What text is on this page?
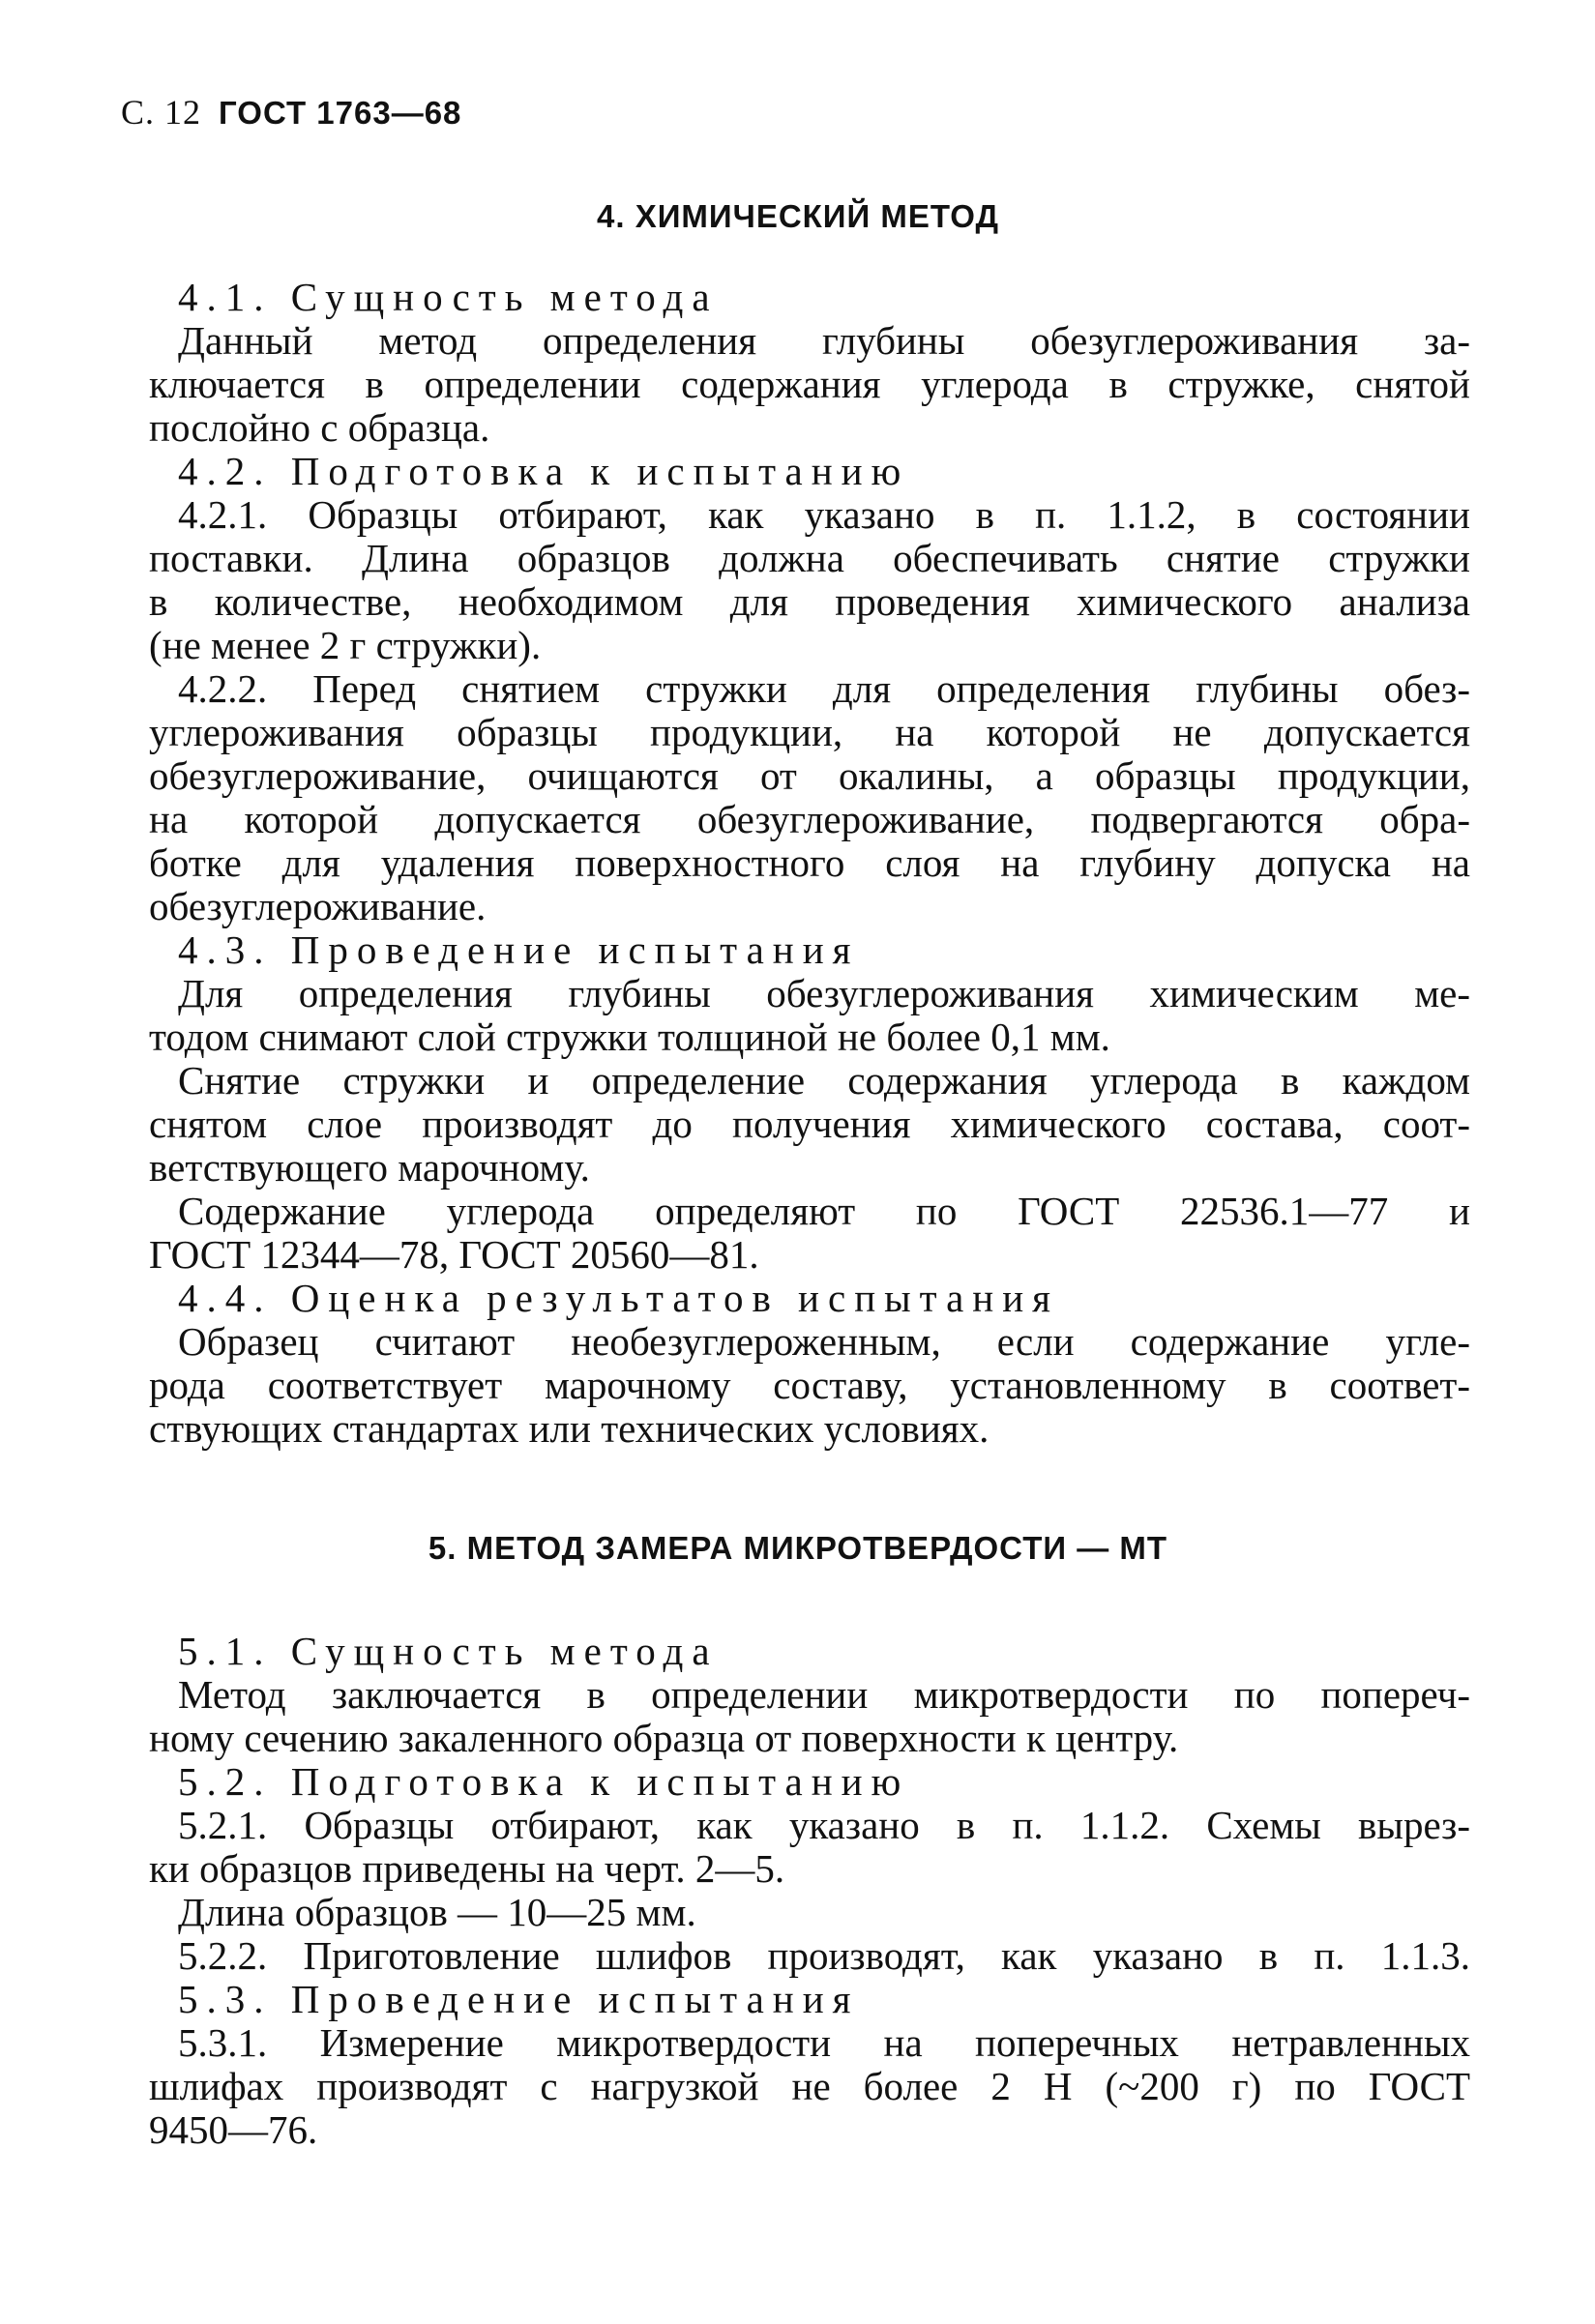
С. 12 ГОСТ 1763—68
4. ХИМИЧЕСКИЙ МЕТОД
4.1. Сущность метода
Данный метод определения глубины обезуглероживания за-
ключается в определении содержания углерода в стружке, снятой
послойно с образца.
4.2. Подготовка к испытанию
4.2.1. Образцы отбирают, как указано в п. 1.1.2, в состоянии
поставки. Длина образцов должна обеспечивать снятие стружки
в количестве, необходимом для проведения химического анализа
(не менее 2 г стружки).
4.2.2. Перед снятием стружки для определения глубины обез-
углероживания образцы продукции, на которой не допускается
обезуглероживание, очищаются от окалины, а образцы продукции,
на которой допускается обезуглероживание, подвергаются обра-
ботке для удаления поверхностного слоя на глубину допуска на
обезуглероживание.
4.3. Проведение испытания
Для определения глубины обезуглероживания химическим ме-
тодом снимают слой стружки толщиной не более 0,1 мм.
Снятие стружки и определение содержания углерода в каждом
снятом слое производят до получения химического состава, соот-
ветствующего марочному.
Содержание углерода определяют по ГОСТ 22536.1—77 и
ГОСТ 12344—78, ГОСТ 20560—81.
4.4. Оценка результатов испытания
Образец считают необезуглероженным, если содержание угле-
рода соответствует марочному составу, установленному в соответ-
ствующих стандартах или технических условиях.
5. МЕТОД ЗАМЕРА МИКРОТВЕРДОСТИ — МТ
5.1. Сущность метода
Метод заключается в определении микротвердости по попереч-
ному сечению закаленного образца от поверхности к центру.
5.2. Подготовка к испытанию
5.2.1. Образцы отбирают, как указано в п. 1.1.2. Схемы вырез-
ки образцов приведены на черт. 2—5.
Длина образцов — 10—25 мм.
5.2.2. Приготовление шлифов производят, как указано в п. 1.1.3.
5.3. Проведение испытания
5.3.1. Измерение микротвердости на поперечных нетравленных
шлифах производят с нагрузкой не более 2 Н (~200 г) по ГОСТ
9450—76.
